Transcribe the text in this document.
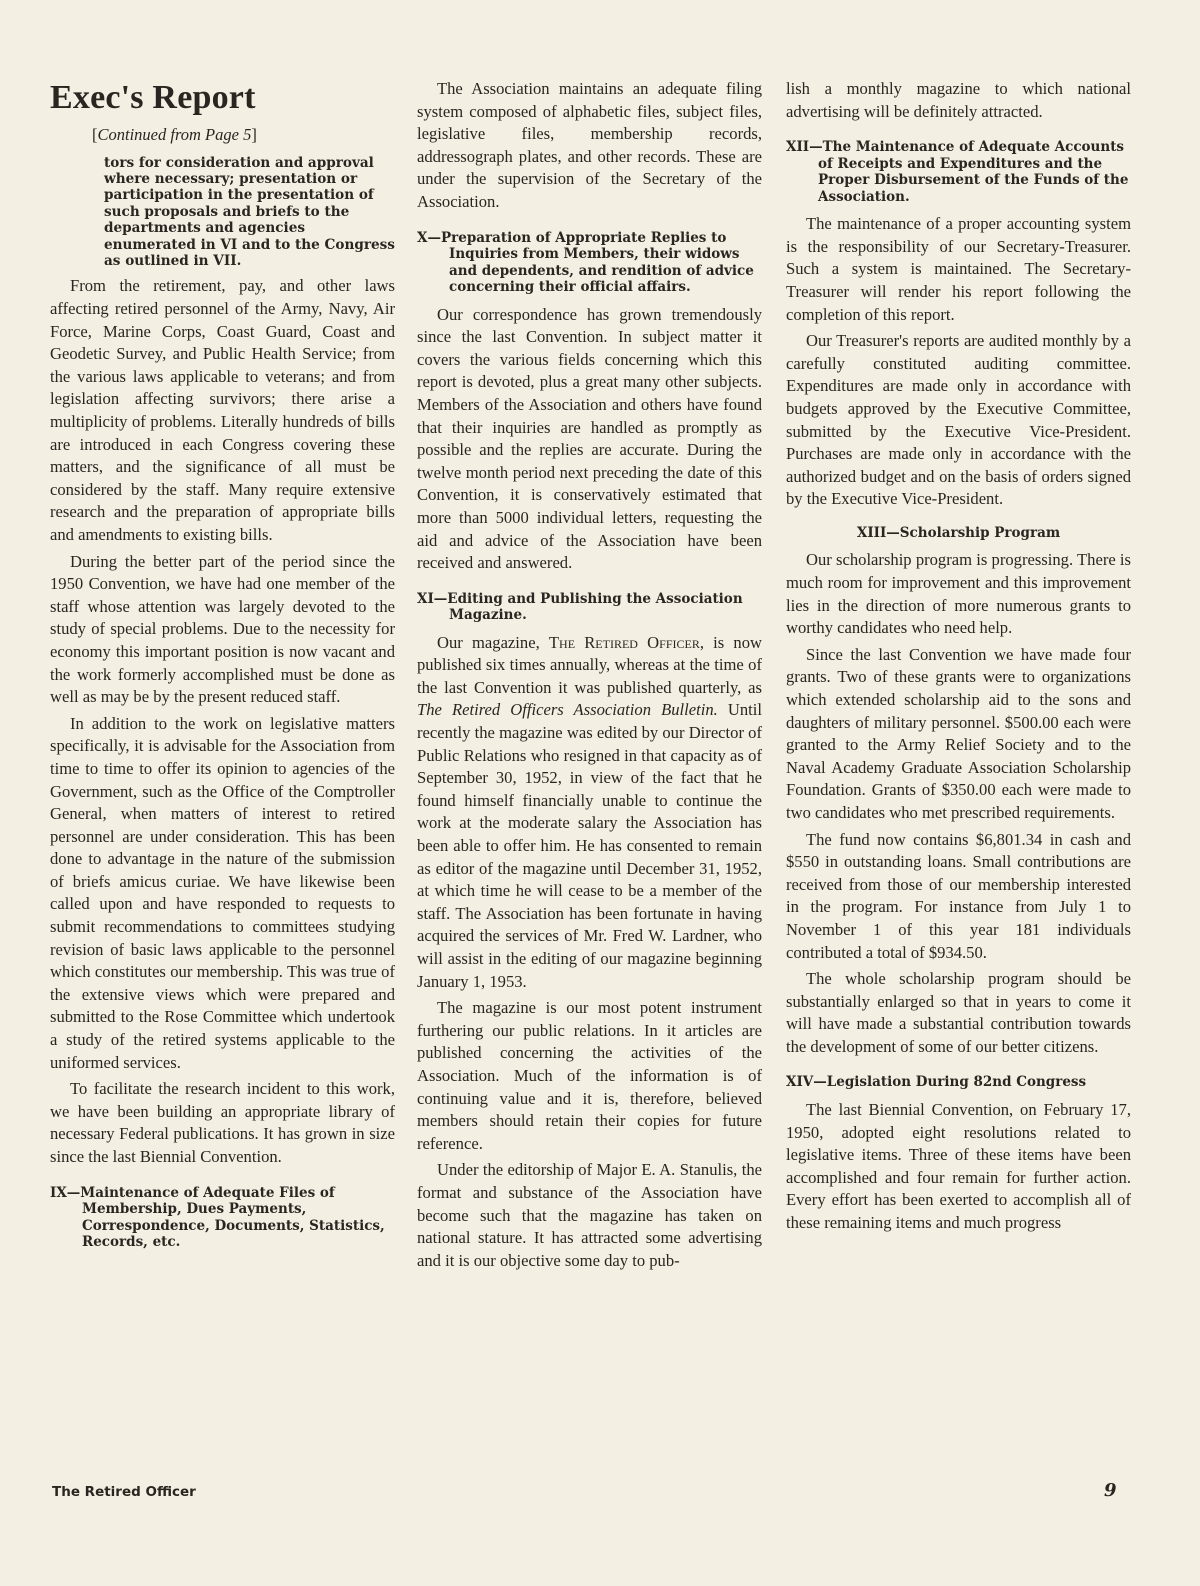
Exec's Report
[Continued from Page 5]
tors for consideration and approval where necessary; presentation or participation in the presentation of such proposals and briefs to the departments and agencies enumerated in VI and to the Congress as outlined in VII.

From the retirement, pay, and other laws affecting retired personnel of the Army, Navy, Air Force, Marine Corps, Coast Guard, Coast and Geodetic Survey, and Public Health Service; from the various laws applicable to veterans; and from legislation affecting survivors; there arise a multiplicity of problems. Literally hundreds of bills are introduced in each Congress covering these matters, and the significance of all must be considered by the staff. Many require extensive research and the preparation of appropriate bills and amendments to existing bills.

During the better part of the period since the 1950 Convention, we have had one member of the staff whose attention was largely devoted to the study of special problems. Due to the necessity for economy this important position is now vacant and the work formerly accomplished must be done as well as may be by the present reduced staff.

In addition to the work on legislative matters specifically, it is advisable for the Association from time to time to offer its opinion to agencies of the Government, such as the Office of the Comptroller General, when matters of interest to retired personnel are under consideration. This has been done to advantage in the nature of the submission of briefs amicus curiae. We have likewise been called upon and have responded to requests to submit recommendations to committees studying revision of basic laws applicable to the personnel which constitutes our membership. This was true of the extensive views which were prepared and submitted to the Rose Committee which undertook a study of the retired systems applicable to the uniformed services.

To facilitate the research incident to this work, we have been building an appropriate library of necessary Federal publications. It has grown in size since the last Biennial Convention.

IX—Maintenance of Adequate Files of Membership, Dues Payments, Correspondence, Documents, Statistics, Records, etc.

The Association maintains an adequate filing system composed of alphabetic files, subject files, legislative files, membership records, addressograph plates, and other records. These are under the supervision of the Secretary of the Association.

X—Preparation of Appropriate Replies to Inquiries from Members, their widows and dependents, and rendition of advice concerning their official affairs.

Our correspondence has grown tremendously since the last Convention. In subject matter it covers the various fields concerning which this report is devoted, plus a great many other subjects. Members of the Association and others have found that their inquiries are handled as promptly as possible and the replies are accurate. During the twelve month period next preceding the date of this Convention, it is conservatively estimated that more than 5000 individual letters, requesting the aid and advice of the Association have been received and answered.

XI—Editing and Publishing the Association Magazine.

Our magazine, The Retired Officer, is now published six times annually, whereas at the time of the last Convention it was published quarterly, as The Retired Officers Association Bulletin. Until recently the magazine was edited by our Director of Public Relations who resigned in that capacity as of September 30, 1952, in view of the fact that he found himself financially unable to continue the work at the moderate salary the Association has been able to offer him. He has consented to remain as editor of the magazine until December 31, 1952, at which time he will cease to be a member of the staff. The Association has been fortunate in having acquired the services of Mr. Fred W. Lardner, who will assist in the editing of our magazine beginning January 1, 1953.

The magazine is our most potent instrument furthering our public relations. In it articles are published concerning the activities of the Association. Much of the information is of continuing value and it is, therefore, believed members should retain their copies for future reference.

Under the editorship of Major E. A. Stanulis, the format and substance of the Association have become such that the magazine has taken on national stature. It has attracted some advertising and it is our objective some day to pub-

lish a monthly magazine to which national advertising will be definitely attracted.

XII—The Maintenance of Adequate Accounts of Receipts and Expenditures and the Proper Disbursement of the Funds of the Association.

The maintenance of a proper accounting system is the responsibility of our Secretary-Treasurer. Such a system is maintained. The Secretary-Treasurer will render his report following the completion of this report.

Our Treasurer's reports are audited monthly by a carefully constituted auditing committee. Expenditures are made only in accordance with budgets approved by the Executive Committee, submitted by the Executive Vice-President. Purchases are made only in accordance with the authorized budget and on the basis of orders signed by the Executive Vice-President.

XIII—Scholarship Program

Our scholarship program is progressing. There is much room for improvement and this improvement lies in the direction of more numerous grants to worthy candidates who need help.

Since the last Convention we have made four grants. Two of these grants were to organizations which extended scholarship aid to the sons and daughters of military personnel. $500.00 each were granted to the Army Relief Society and to the Naval Academy Graduate Association Scholarship Foundation. Grants of $350.00 each were made to two candidates who met prescribed requirements.

The fund now contains $6,801.34 in cash and $550 in outstanding loans. Small contributions are received from those of our membership interested in the program. For instance from July 1 to November 1 of this year 181 individuals contributed a total of $934.50.

The whole scholarship program should be substantially enlarged so that in years to come it will have made a substantial contribution towards the development of some of our better citizens.

XIV—Legislation During 82nd Congress

The last Biennial Convention, on February 17, 1950, adopted eight resolutions related to legislative items. Three of these items have been accomplished and four remain for further action. Every effort has been exerted to accomplish all of these remaining items and much progress

The Retired Officer	9
